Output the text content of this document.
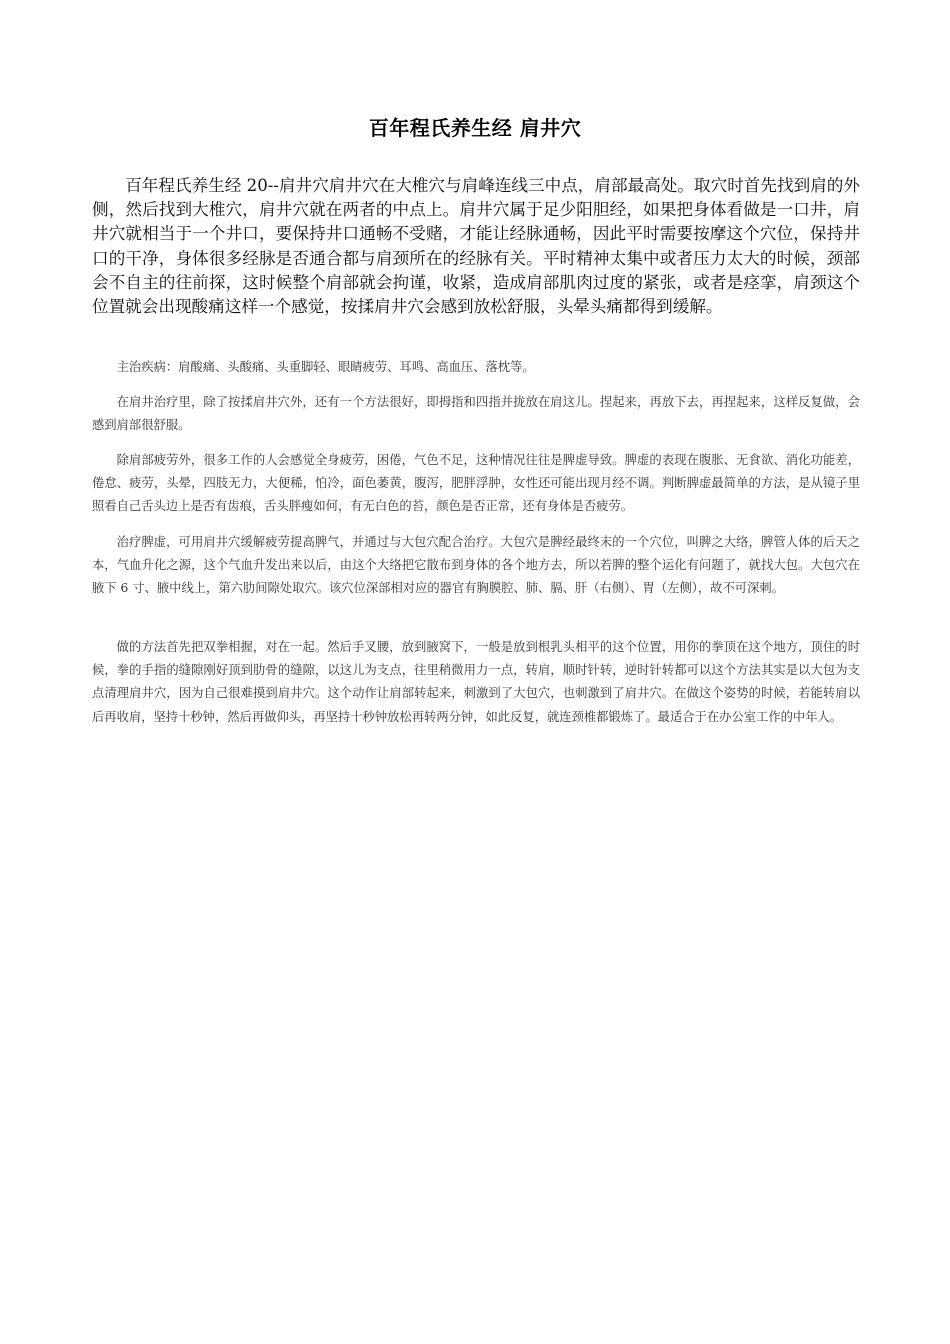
百年程氏养生经 肩井穴

百年程氏养生经 20--肩井穴肩井穴在大椎穴与肩峰连线三中点，肩部最高处。取穴时首先找到肩的外侧，然后找到大椎穴，肩井穴就在两者的中点上。肩井穴属于足少阳胆经，如果把身体看做是一口井，肩井穴就相当于一个井口，要保持井口通畅不受赌，才能让经脉通畅，因此平时需要按摩这个穴位，保持井口的干净，身体很多经脉是否通合都与肩颈所在的经脉有关。平时精神太集中或者压力太大的时候，颈部会不自主的往前探，这时候整个肩部就会拘谨，收紧，造成肩部肌肉过度的紧张，或者是痉挛，肩颈这个位置就会出现酸痛这样一个感觉，按揉肩井穴会感到放松舒服，头晕头痛都得到缓解。

主治疾病：肩酸痛、头酸痛、头重脚轻、眼睛疲劳、耳鸣、高血压、落枕等。

在肩井治疗里，除了按揉肩井穴外，还有一个方法很好，即拇指和四指并拢放在肩这儿。捏起来，再放下去，再捏起来，这样反复做，会感到肩部很舒服。

除肩部疲劳外，很多工作的人会感觉全身疲劳，困倦，气色不足，这种情况往往是脾虚导致。脾虚的表现在腹胀、无食欲、消化功能差，倦怠、疲劳，头晕，四肢无力，大便稀，怕冷，面色萎黄，腹泻，肥胖浮肿，女性还可能出现月经不调。判断脾虚最简单的方法，是从镜子里照看自己舌头边上是否有齿痕，舌头胖瘦如何，有无白色的苔，颜色是否正常，还有身体是否疲劳。

治疗脾虚，可用肩井穴缓解疲劳提高脾气，并通过与大包穴配合治疗。大包穴是脾经最终末的一个穴位，叫脾之大络，脾管人体的后天之本，气血升化之源，这个气血升发出来以后，由这个大络把它散布到身体的各个地方去，所以若脾的整个运化有问题了，就找大包。大包穴在腋下 6 寸、腋中线上，第六肋间隙处取穴。该穴位深部相对应的器官有胸膜腔、肺、膈、肝（右侧）、胃（左侧），故不可深刺。

做的方法首先把双拳相握，对在一起。然后手叉腰，放到腋窝下，一般是放到根乳头相平的这个位置，用你的拳顶在这个地方，顶住的时候，拳的手指的缝隙刚好顶到肋骨的缝隙，以这儿为支点，往里稍微用力一点，转肩，顺时针转，逆时针转都可以这个方法其实是以大包为支点清理肩井穴，因为自己很难摸到肩井穴。这个动作让肩部转起来，刺激到了大包穴，也刺激到了肩井穴。在做这个姿势的时候，若能转肩以后再收肩，坚持十秒钟，然后再做仰头，再坚持十秒钟放松再转两分钟，如此反复，就连颈椎都锻炼了。最适合于在办公室工作的中年人。
